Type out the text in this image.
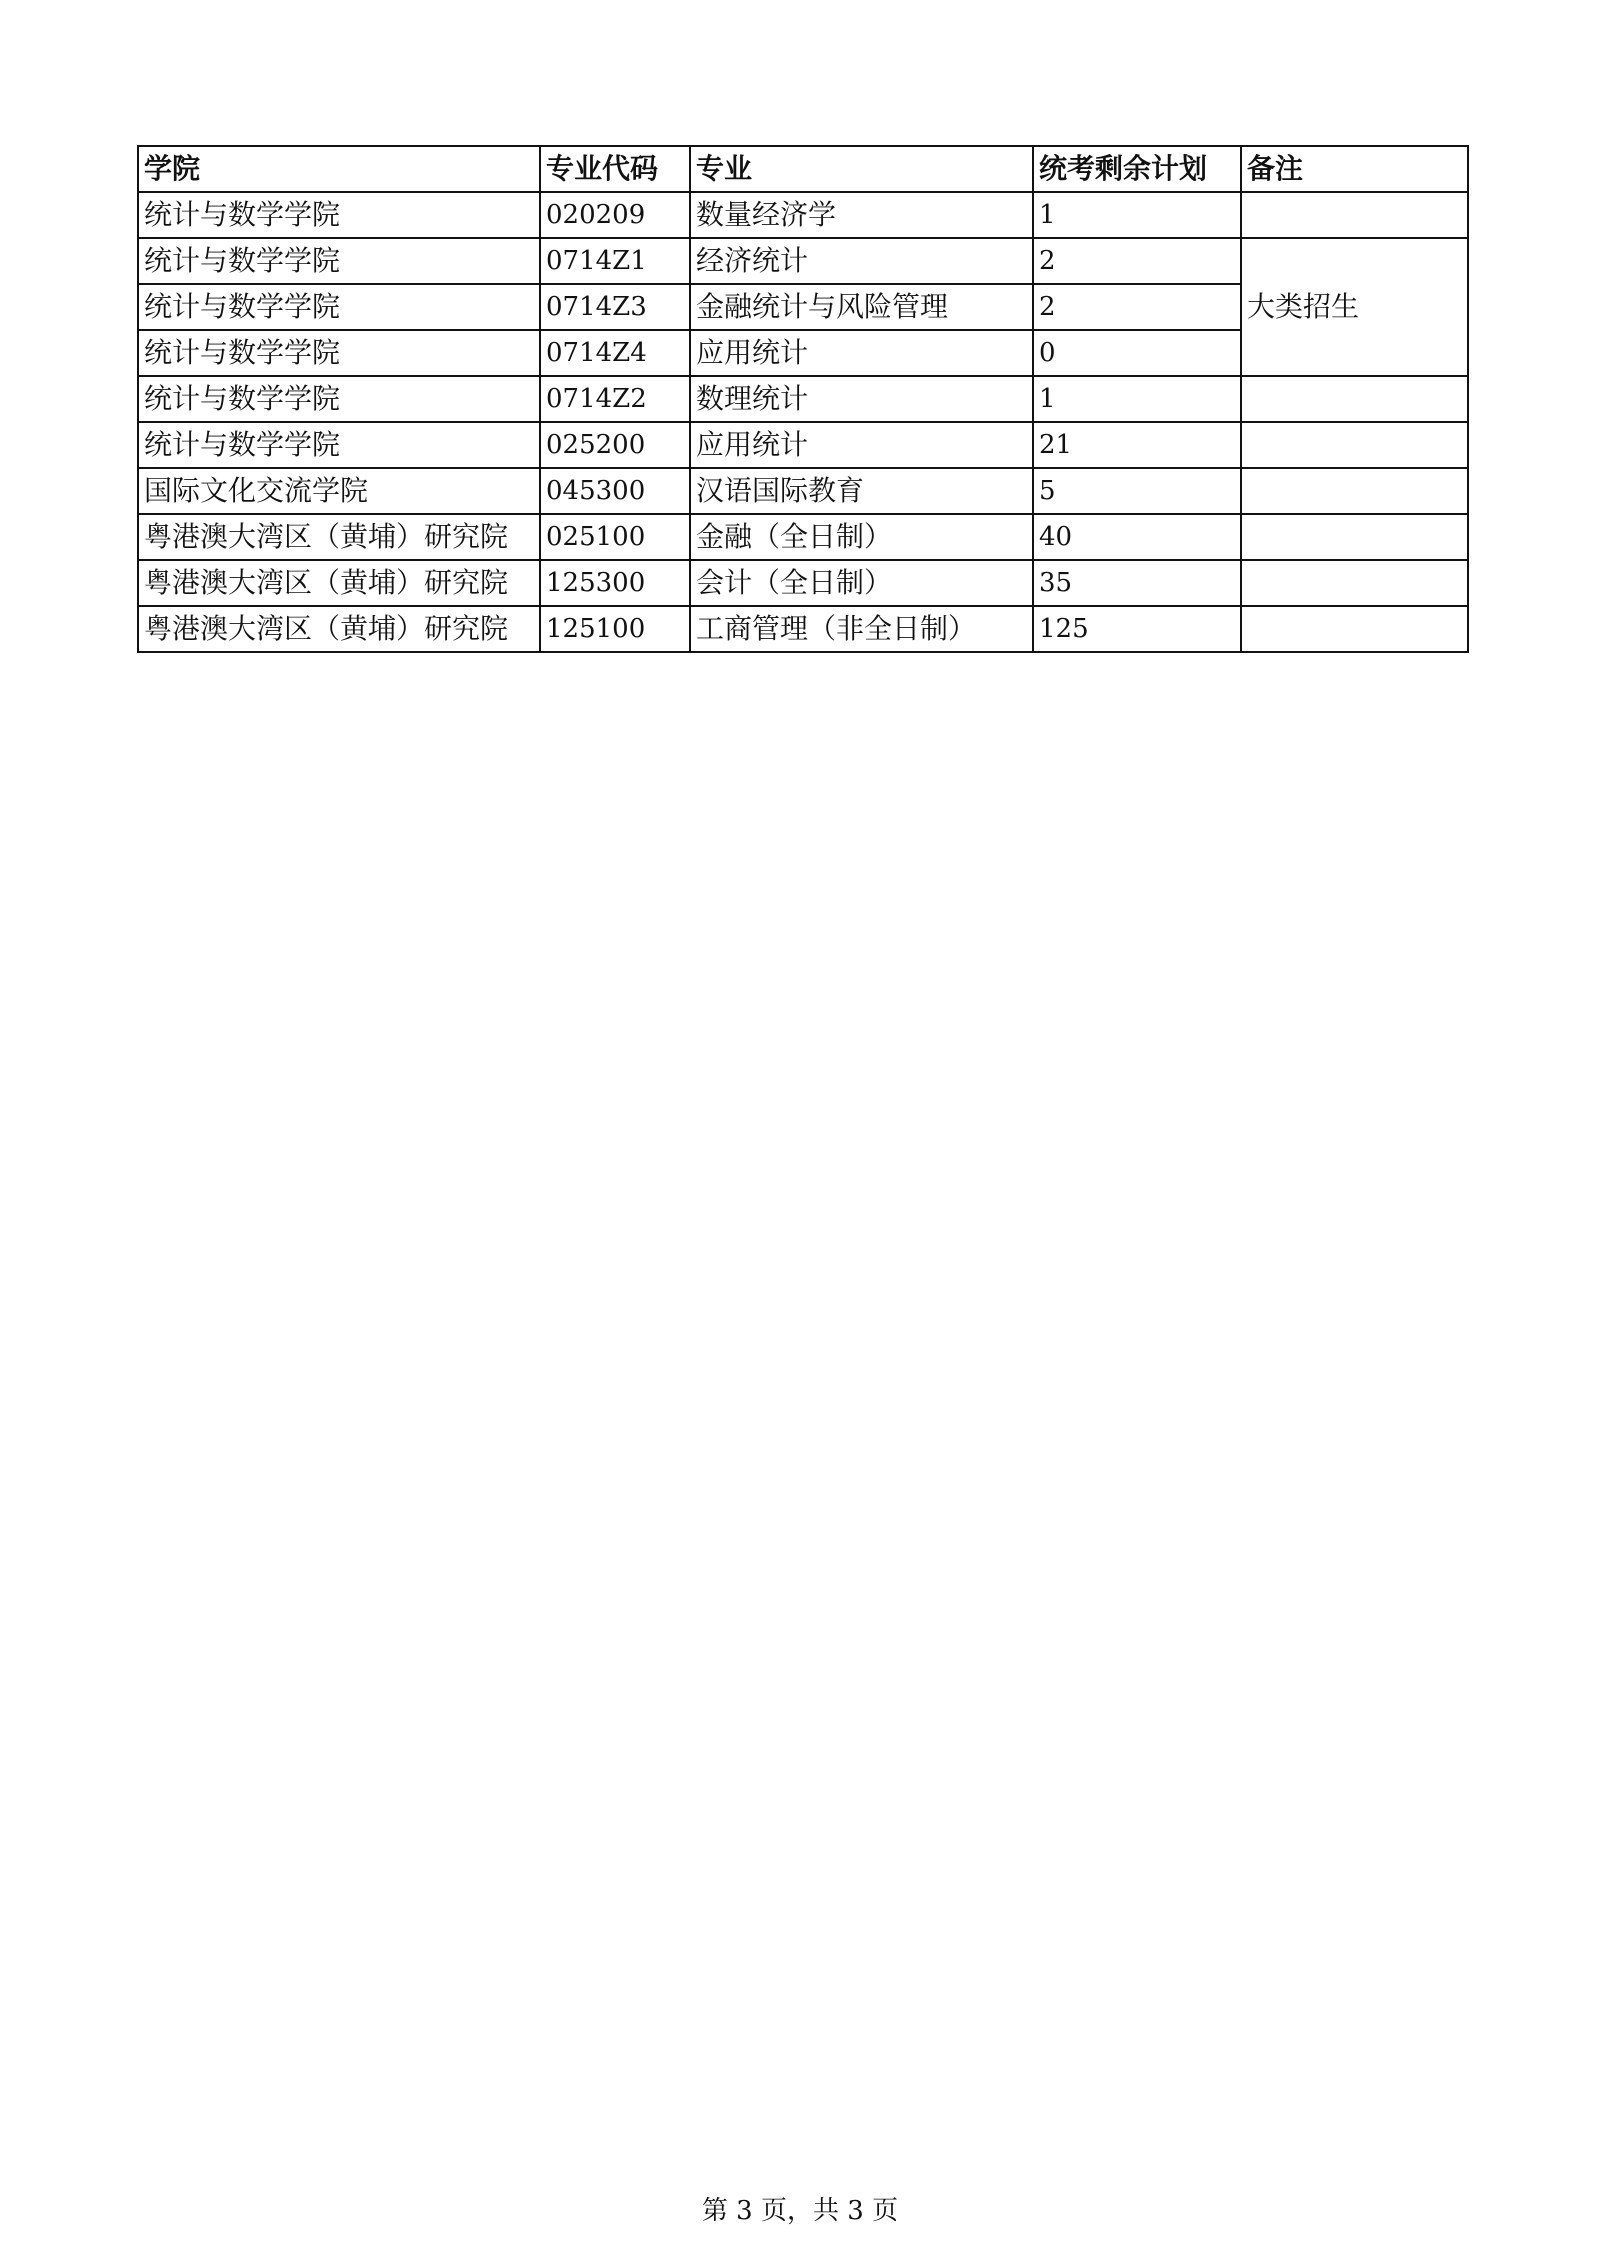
学院	专业代码	专业	统考剩余计划	备注
统计与数学学院	020209	数量经济学	1	
统计与数学学院	0714Z1	经济统计	2	大类招生
统计与数学学院	0714Z3	金融统计与风险管理	2	
统计与数学学院	0714Z4	应用统计	0	
统计与数学学院	0714Z2	数理统计	1	
统计与数学学院	025200	应用统计	21	
国际文化交流学院	045300	汉语国际教育	5	
粤港澳大湾区（黄埔）研究院	025100	金融（全日制）	40	
粤港澳大湾区（黄埔）研究院	125300	会计（全日制）	35	
粤港澳大湾区（黄埔）研究院	125100	工商管理（非全日制）	125	
第 3 页，共 3 页
